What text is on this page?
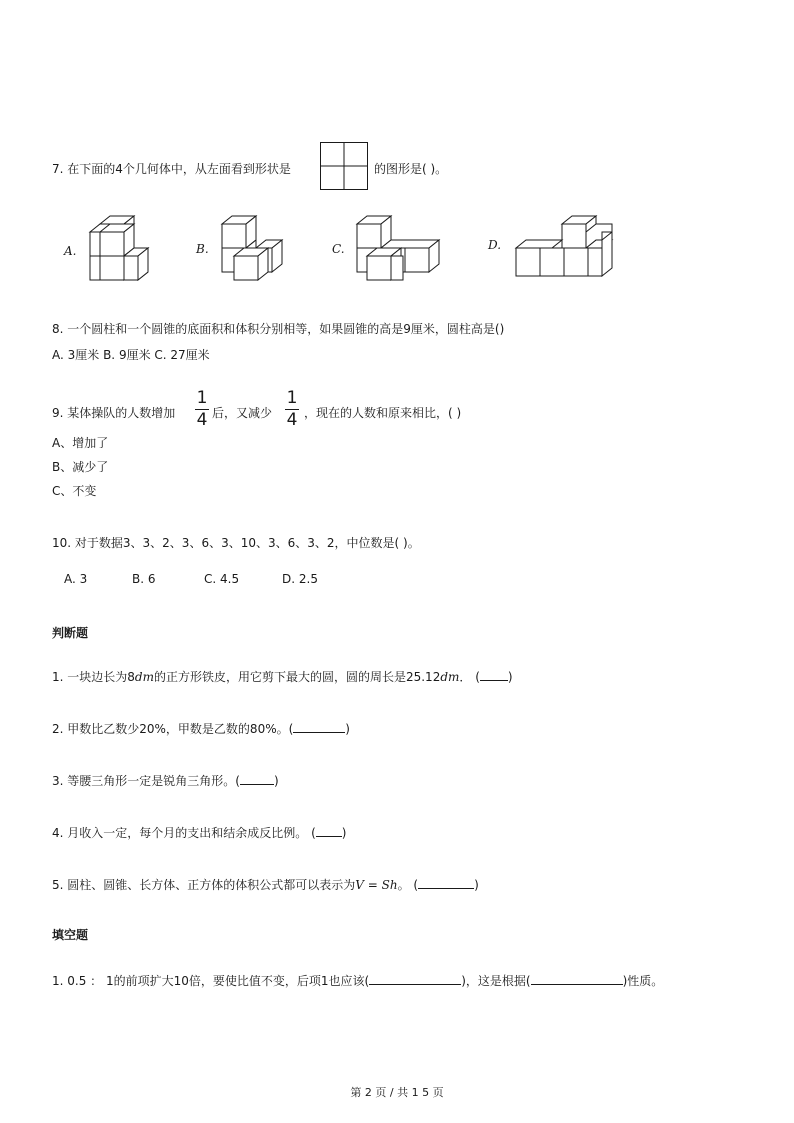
7. 在下面的4个几何体中，从左面看到形状是	的图形是( )。
A.	B.	C.	D.
8. 一个圆柱和一个圆锥的底面积和体积分别相等，如果圆锥的高是9厘米，圆柱高是()
A. 3厘米 B. 9厘米 C. 27厘米
9. 某体操队的人数增加
1
4 后，又减少
1
4 ，现在的人数和原来相比，( )
A、增加了
B、减少了
C、不变
10. 对于数据3、3、2、3、6、3、10、3、6、3、2，中位数是( )。
A. 3	B. 6	C. 4.5	D. 2.5
判断题
1. 一块边长为8dm的正方形铁皮，用它剪下最大的圆，圆的周长是25.12dm． ( )
2. 甲数比乙数少20%，甲数是乙数的80%。(	)
3. 等腰三角形一定是锐角三角形。(	)
4. 月收入一定，每个月的支出和结余成反比例。 ( )
5. 圆柱、圆锥、长方体、正方体的体积公式都可以表示为V = Sh。 (	)
填空题
1. 0.5 ： 1的前项扩大10倍，要使比值不变，后项1也应该(	)，这是根据(	)性质。
第 2 页 / 共 1 5 页
